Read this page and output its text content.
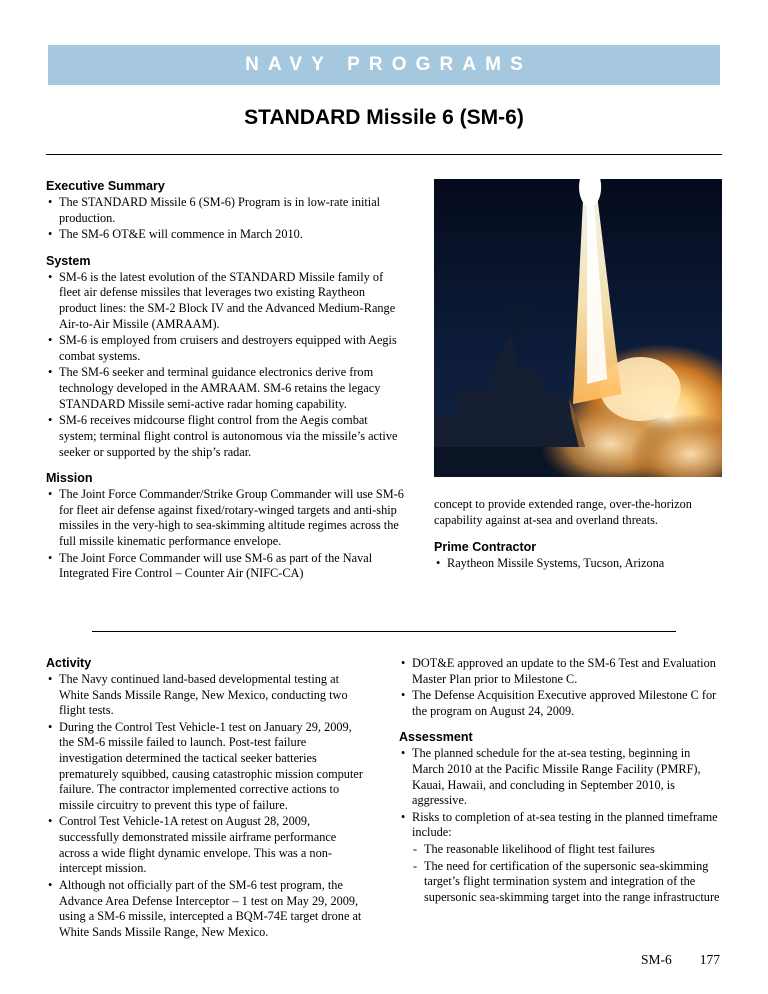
NAVY PROGRAMS
STANDARD Missile 6 (SM-6)
Executive Summary
• The STANDARD Missile 6 (SM-6) Program is in low-rate initial production.
• The SM-6 OT&E will commence in March 2010.
System
• SM-6 is the latest evolution of the STANDARD Missile family of fleet air defense missiles that leverages two existing Raytheon product lines: the SM-2 Block IV and the Advanced Medium-Range Air-to-Air Missile (AMRAAM).
• SM-6 is employed from cruisers and destroyers equipped with Aegis combat systems.
• The SM-6 seeker and terminal guidance electronics derive from technology developed in the AMRAAM. SM-6 retains the legacy STANDARD Missile semi-active radar homing capability.
• SM-6 receives midcourse flight control from the Aegis combat system; terminal flight control is autonomous via the missile’s active seeker or supported by the ship’s radar.
Mission
• The Joint Force Commander/Strike Group Commander will use SM-6 for fleet air defense against fixed/rotary-winged targets and anti-ship missiles in the very-high to sea-skimming altitude regimes across the full missile kinematic performance envelope.
• The Joint Force Commander will use SM-6 as part of the Naval Integrated Fire Control – Counter Air (NIFC-CA)

concept to provide extended range, over-the-horizon capability against at-sea and overland threats.

Prime Contractor
• Raytheon Missile Systems, Tucson, Arizona
Activity
• The Navy continued land-based developmental testing at White Sands Missile Range, New Mexico, conducting two flight tests.
• During the Control Test Vehicle-1 test on January 29, 2009, the SM-6 missile failed to launch. Post-test failure investigation determined the tactical seeker batteries prematurely squibbed, causing catastrophic mission computer failure. The contractor implemented corrective actions to missile circuitry to prevent this type of failure.
• Control Test Vehicle-1A retest on August 28, 2009, successfully demonstrated missile airframe performance across a wide flight dynamic envelope. This was a non-intercept mission.
• Although not officially part of the SM-6 test program, the Advance Area Defense Interceptor – 1 test on May 29, 2009, using a SM-6 missile, intercepted a BQM-74E target drone at White Sands Missile Range, New Mexico.
• DOT&E approved an update to the SM-6 Test and Evaluation Master Plan prior to Milestone C.
• The Defense Acquisition Executive approved Milestone C for the program on August 24, 2009.
Assessment
• The planned schedule for the at-sea testing, beginning in March 2010 at the Pacific Missile Range Facility (PMRF), Kauai, Hawaii, and concluding in September 2010, is aggressive.
• Risks to completion of at-sea testing in the planned timeframe include:
- The reasonable likelihood of flight test failures
- The need for certification of the supersonic sea-skimming target’s flight termination system and integration of the supersonic sea-skimming target into the range infrastructure
SM-6 177
